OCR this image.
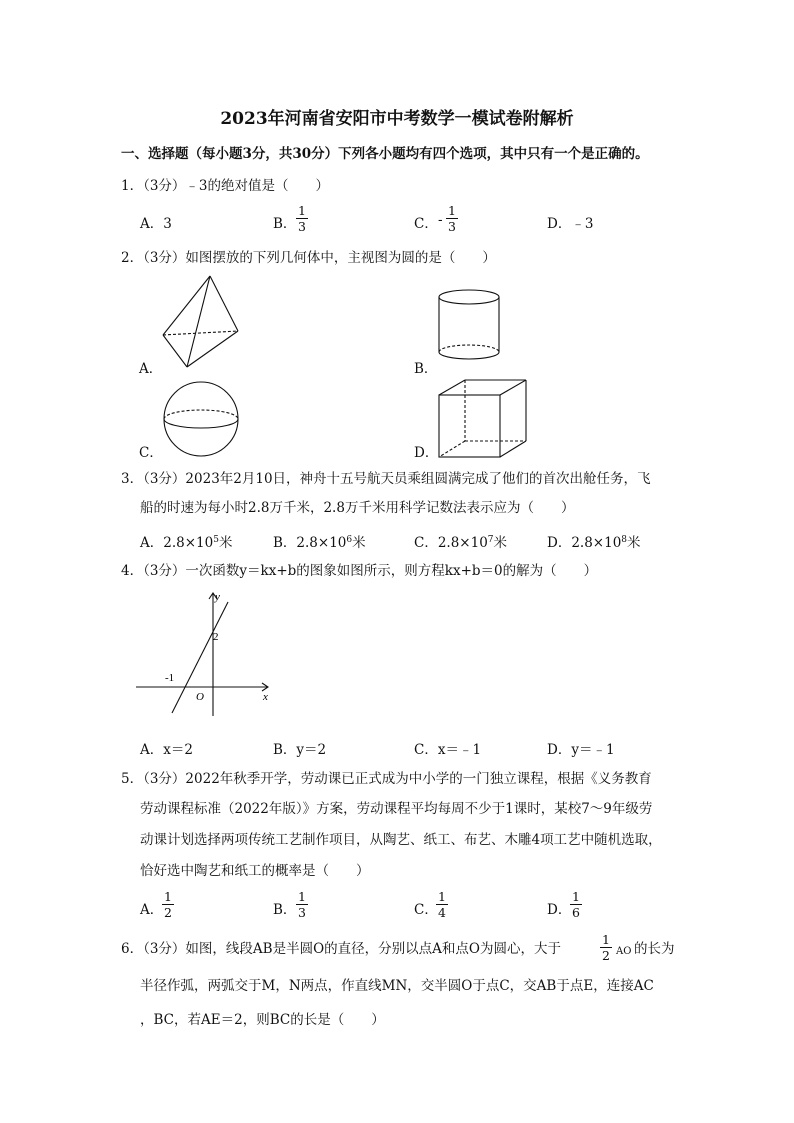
2023年河南省安阳市中考数学一模试卷附解析
一、选择题（每小题3分，共30分）下列各小题均有四个选项，其中只有一个是正确的。
1．（3分）﹣3的绝对值是（　　）
A．3	B． $\frac{1}{3}$	C． - $\frac{1}{3}$	D．﹣3
2．（3分）如图摆放的下列几何体中，主视图为圆的是（　　）
A．	B．
C．	D．
3．（3分）2023年2月10日，神舟十五号航天员乘组圆满完成了他们的首次出舱任务，飞
船的时速为每小时2.8万千米，2.8万千米用科学记数法表示应为（　　）
A．$2.8\times 10^5$米	B．$2.8\times 10^6$米	C．$2.8\times 10^7$米	D．$2.8\times 10^8$米
4．（3分）一次函数y＝kx+b的图象如图所示，则方程kx+b＝0的解为（　　）
y
x
O
2
-1
A．x＝2	B．y＝2	C．x＝﹣1	D．y＝﹣1
5．（3分）2022年秋季开学，劳动课已正式成为中小学的一门独立课程，根据《义务教育
劳动课程标准（2022年版）》方案，劳动课程平均每周不少于1课时，某校7～9年级劳
动课计划选择两项传统工艺制作项目，从陶艺、纸工、布艺、木雕4项工艺中随机选取，
恰好选中陶艺和纸工的概率是（　　）
A．
$\frac{1}{2}$	B． $\frac{1}{3}$	C．
$\frac{1}{4}$	D．
$\frac{1}{6}$
6．（3分）如图，线段AB是半圆O的直径，分别以点A和点O为圆心，大于	$\frac{1}{2}$ AO 的长为
半径作弧，两弧交于M，N两点，作直线MN，交半圆O于点C，交AB于点E，连接AC
，BC，若AE＝2，则BC的长是（　　）
